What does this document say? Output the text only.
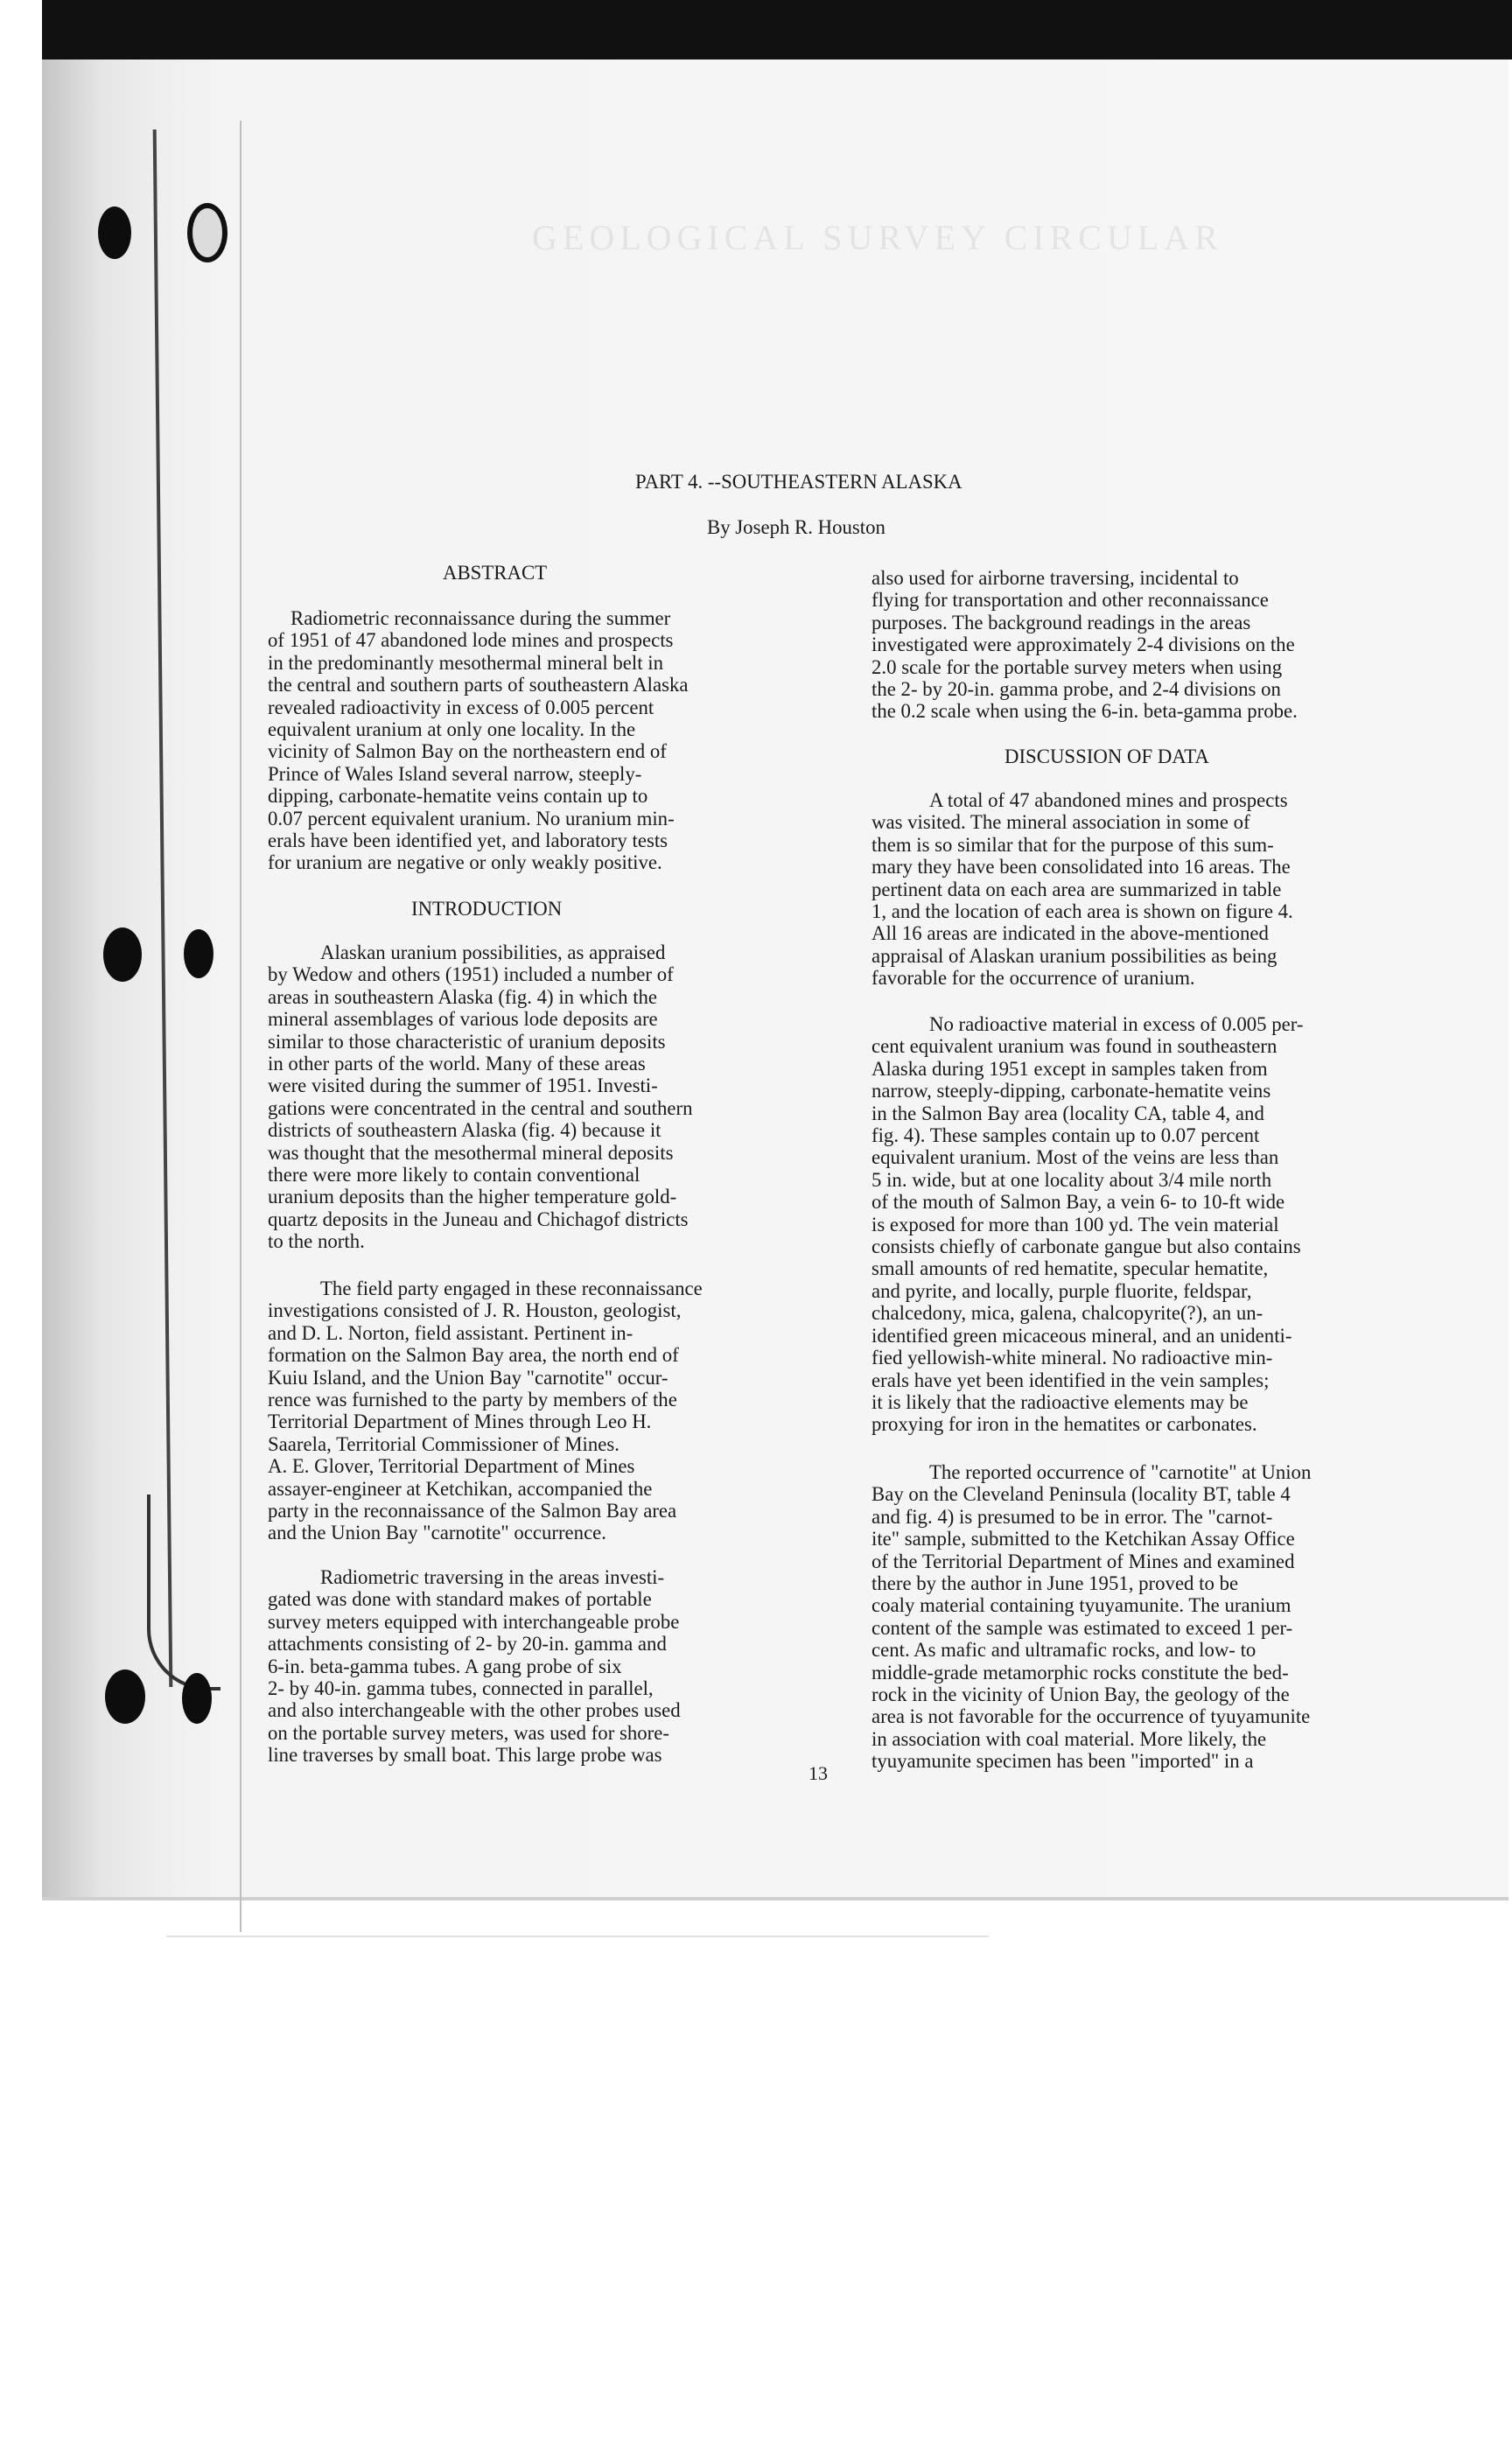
GEOLOGICAL SURVEY CIRCULAR
PART 4. --SOUTHEASTERN ALASKA
By Joseph R. Houston
ABSTRACT

Radiometric reconnaissance during the summer

of 1951 of 47 abandoned lode mines and prospects

in the predominantly mesothermal mineral belt in

the central and southern parts of southeastern Alaska

revealed radioactivity in excess of 0.005 percent

equivalent uranium at only one locality. In the

vicinity of Salmon Bay on the northeastern end of

Prince of Wales Island several narrow, steeply-

dipping, carbonate-hematite veins contain up to

0.07 percent equivalent uranium. No uranium min-

erals have been identified yet, and laboratory tests

for uranium are negative or only weakly positive.

INTRODUCTION

Alaskan uranium possibilities, as appraised

by Wedow and others (1951) included a number of

areas in southeastern Alaska (fig. 4) in which the

mineral assemblages of various lode deposits are

similar to those characteristic of uranium deposits

in other parts of the world. Many of these areas

were visited during the summer of 1951. Investi-

gations were concentrated in the central and southern

districts of southeastern Alaska (fig. 4) because it

was thought that the mesothermal mineral deposits

there were more likely to contain conventional

uranium deposits than the higher temperature gold-

quartz deposits in the Juneau and Chichagof districts

to the north.

The field party engaged in these reconnaissance

investigations consisted of J. R. Houston, geologist,

and D. L. Norton, field assistant. Pertinent in-

formation on the Salmon Bay area, the north end of

Kuiu Island, and the Union Bay "carnotite" occur-

rence was furnished to the party by members of the

Territorial Department of Mines through Leo H.

Saarela, Territorial Commissioner of Mines.

A. E. Glover, Territorial Department of Mines

assayer-engineer at Ketchikan, accompanied the

party in the reconnaissance of the Salmon Bay area

and the Union Bay "carnotite" occurrence.

Radiometric traversing in the areas investi-

gated was done with standard makes of portable

survey meters equipped with interchangeable probe

attachments consisting of 2- by 20-in. gamma and

6-in. beta-gamma tubes. A gang probe of six

2- by 40-in. gamma tubes, connected in parallel,

and also interchangeable with the other probes used

on the portable survey meters, was used for shore-

line traverses by small boat. This large probe was

also used for airborne traversing, incidental to

flying for transportation and other reconnaissance

purposes. The background readings in the areas

investigated were approximately 2-4 divisions on the

2.0 scale for the portable survey meters when using

the 2- by 20-in. gamma probe, and 2-4 divisions on

the 0.2 scale when using the 6-in. beta-gamma probe.

DISCUSSION OF DATA

A total of 47 abandoned mines and prospects

was visited. The mineral association in some of

them is so similar that for the purpose of this sum-

mary they have been consolidated into 16 areas. The

pertinent data on each area are summarized in table

1, and the location of each area is shown on figure 4.

All 16 areas are indicated in the above-mentioned

appraisal of Alaskan uranium possibilities as being

favorable for the occurrence of uranium.

No radioactive material in excess of 0.005 per-

cent equivalent uranium was found in southeastern

Alaska during 1951 except in samples taken from

narrow, steeply-dipping, carbonate-hematite veins

in the Salmon Bay area (locality CA, table 4, and

fig. 4). These samples contain up to 0.07 percent

equivalent uranium. Most of the veins are less than

5 in. wide, but at one locality about 3/4 mile north

of the mouth of Salmon Bay, a vein 6- to 10-ft wide

is exposed for more than 100 yd. The vein material

consists chiefly of carbonate gangue but also contains

small amounts of red hematite, specular hematite,

and pyrite, and locally, purple fluorite, feldspar,

chalcedony, mica, galena, chalcopyrite(?), an un-

identified green micaceous mineral, and an unidenti-

fied yellowish-white mineral. No radioactive min-

erals have yet been identified in the vein samples;

it is likely that the radioactive elements may be

proxying for iron in the hematites or carbonates.

The reported occurrence of "carnotite" at Union

Bay on the Cleveland Peninsula (locality BT, table 4

and fig. 4) is presumed to be in error. The "carnot-

ite" sample, submitted to the Ketchikan Assay Office

of the Territorial Department of Mines and examined

there by the author in June 1951, proved to be

coaly material containing tyuyamunite. The uranium

content of the sample was estimated to exceed 1 per-

cent. As mafic and ultramafic rocks, and low- to

middle-grade metamorphic rocks constitute the bed-

rock in the vicinity of Union Bay, the geology of the

area is not favorable for the occurrence of tyuyamunite

in association with coal material. More likely, the

tyuyamunite specimen has been "imported" in a

13
